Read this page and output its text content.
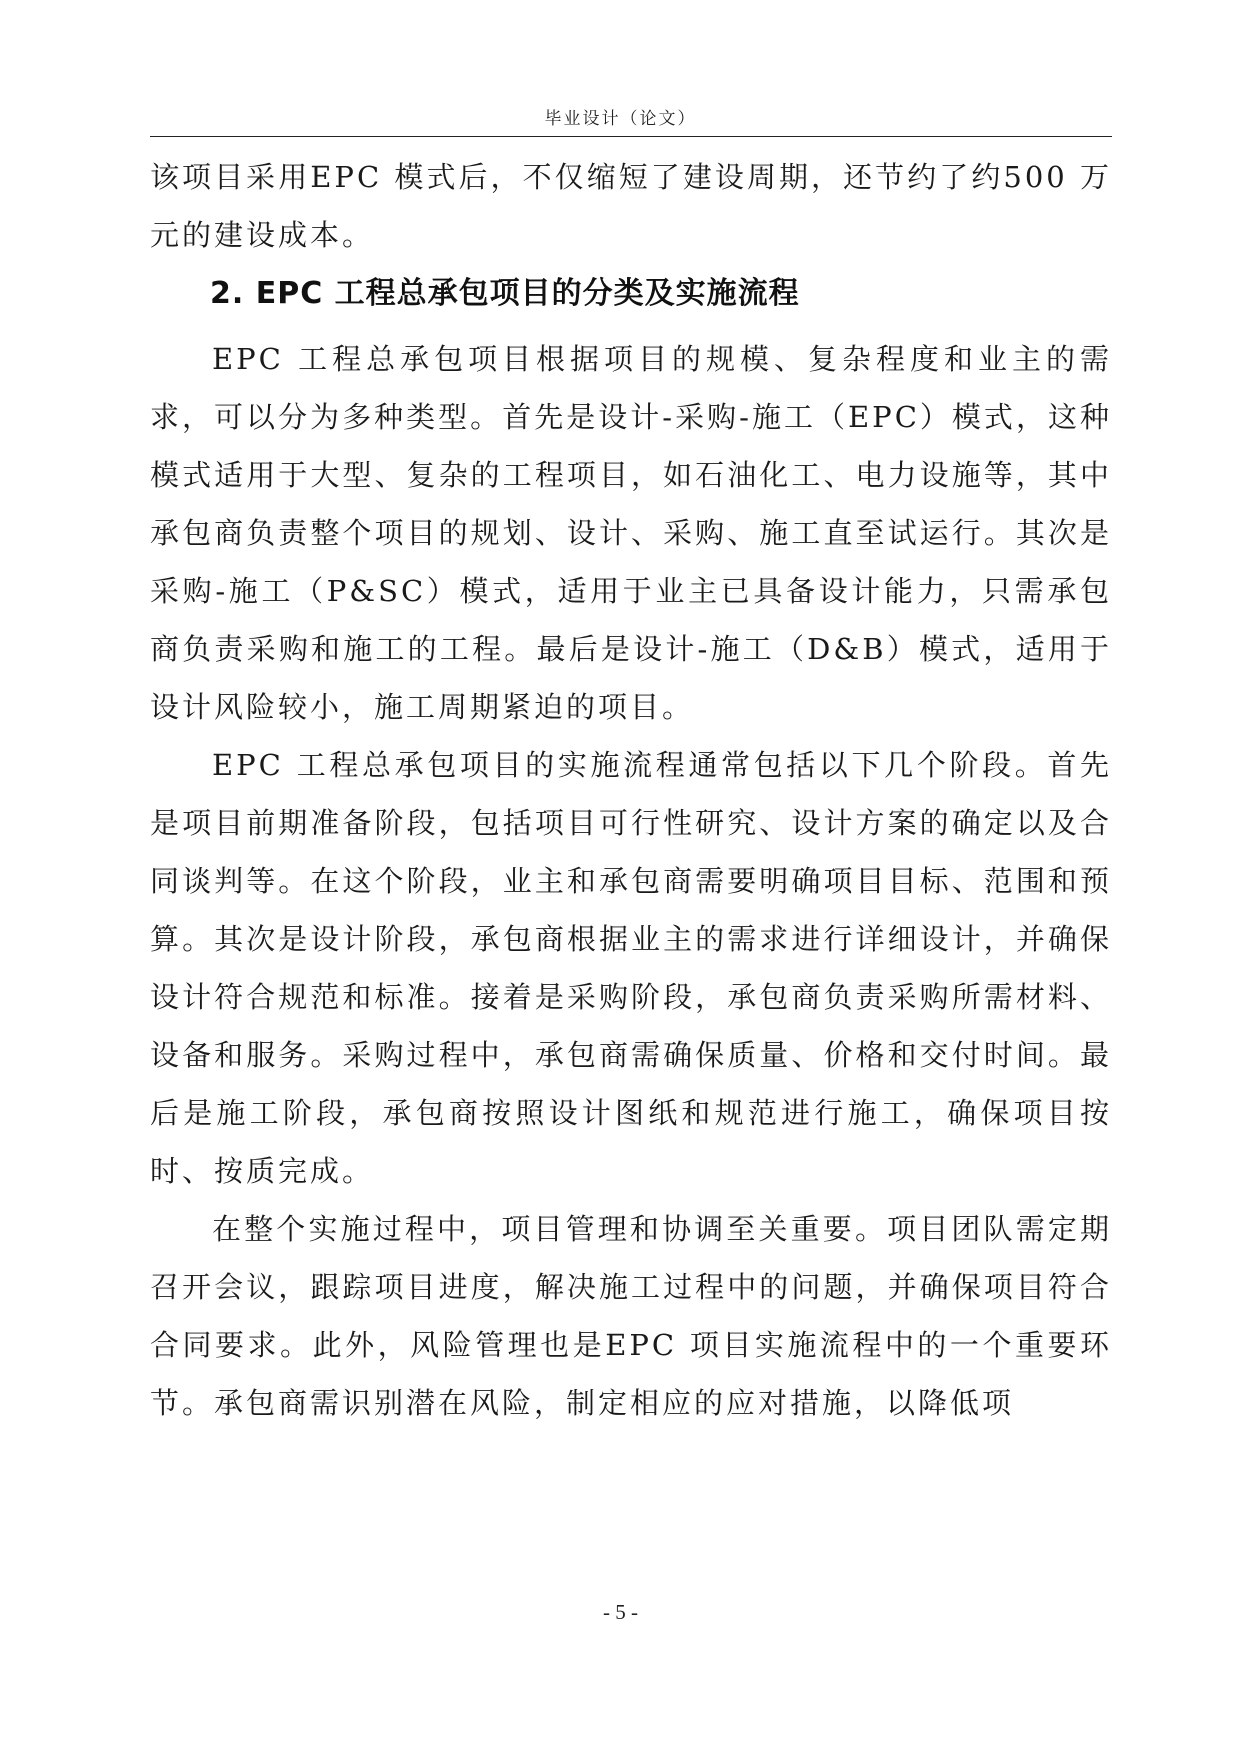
毕业设计（论文）

该项目采用EPC 模式后，不仅缩短了建设周期，还节约了约500 万元的建设成本。

2. EPC 工程总承包项目的分类及实施流程

EPC 工程总承包项目根据项目的规模、复杂程度和业主的需求，可以分为多种类型。首先是设计-采购-施工（EPC）模式，这种模式适用于大型、复杂的工程项目，如石油化工、电力设施等，其中承包商负责整个项目的规划、设计、采购、施工直至试运行。其次是采购-施工（P&SC）模式，适用于业主已具备设计能力，只需承包商负责采购和施工的工程。最后是设计-施工（D&B）模式，适用于设计风险较小，施工周期紧迫的项目。

EPC 工程总承包项目的实施流程通常包括以下几个阶段。首先是项目前期准备阶段，包括项目可行性研究、设计方案的确定以及合同谈判等。在这个阶段，业主和承包商需要明确项目目标、范围和预算。其次是设计阶段，承包商根据业主的需求进行详细设计，并确保设计符合规范和标准。接着是采购阶段，承包商负责采购所需材料、设备和服务。采购过程中，承包商需确保质量、价格和交付时间。最后是施工阶段，承包商按照设计图纸和规范进行施工，确保项目按时、按质完成。

在整个实施过程中，项目管理和协调至关重要。项目团队需定期召开会议，跟踪项目进度，解决施工过程中的问题，并确保项目符合合同要求。此外，风险管理也是EPC 项目实施流程中的一个重要环节。承包商需识别潜在风险，制定相应的应对措施，以降低项

- 5 -
